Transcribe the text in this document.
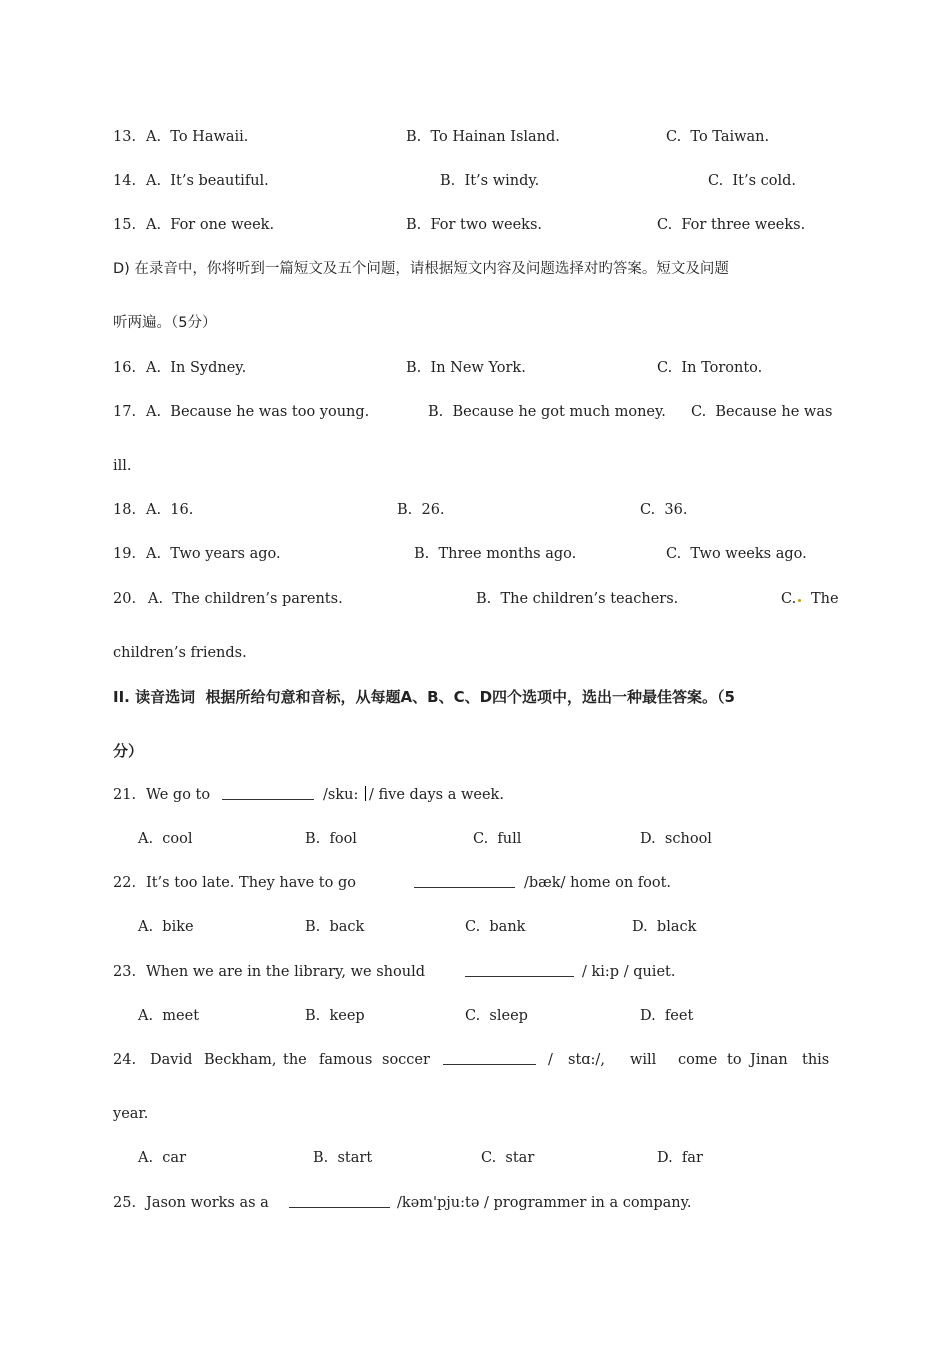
13.

A.  To Hawaii.

	B.  To Hainan Island.

	C.  To Taiwan.

14.

A.  It’s beautiful.

	B.  It’s windy.

	C.  It’s cold.

15.

A.  For one week.

	B.  For two weeks.

	C.  For three weeks.

D) 在录音中，你将听到一篇短文及五个问题，请根据短文内容及问题选择对旳答案。短文及问题

听两遍。（5分）

16.

A.  In Sydney.

	B.  In New York.

	C.  In Toronto.

17.

A.  Because he was too young.

	B.  Because he got much money.

C.  Because he was

ill.

18.

A.  16.

	B.  26.

	C.  36.

19.

A.  Two years ago.

	B.  Three months ago.

	C.  Two weeks ago.

20.

A.  The children’s parents.

	B.  The children’s teachers.

	C.

The

children’s friends.

II. 读音选词  根据所给句意和音标，从每题A、B、C、D四个选项中，选出一种最佳答案。（5

分）

21.

We go to

	/sku:

/ five days a week.

A.  cool

	B.  fool

	C.  full

	D.  school

22.

It’s too late. They have to go

	/bæk/ home on foot.

A.  bike

	B.  back

	C.  bank

	D.  black

23.

When we are in the library, we should

	/ ki:p / quiet.

A.  meet

	B.  keep

	C.  sleep

	D.  feet

24.

David

Beckham,

the

famous

soccer

	/

stɑ:/,

will

come

to

Jinan

this

year.

A.  car

	B.  start

	C.  star

	D.  far

25.

Jason works as a

	/kəm'pju:tə / programmer in a company.
